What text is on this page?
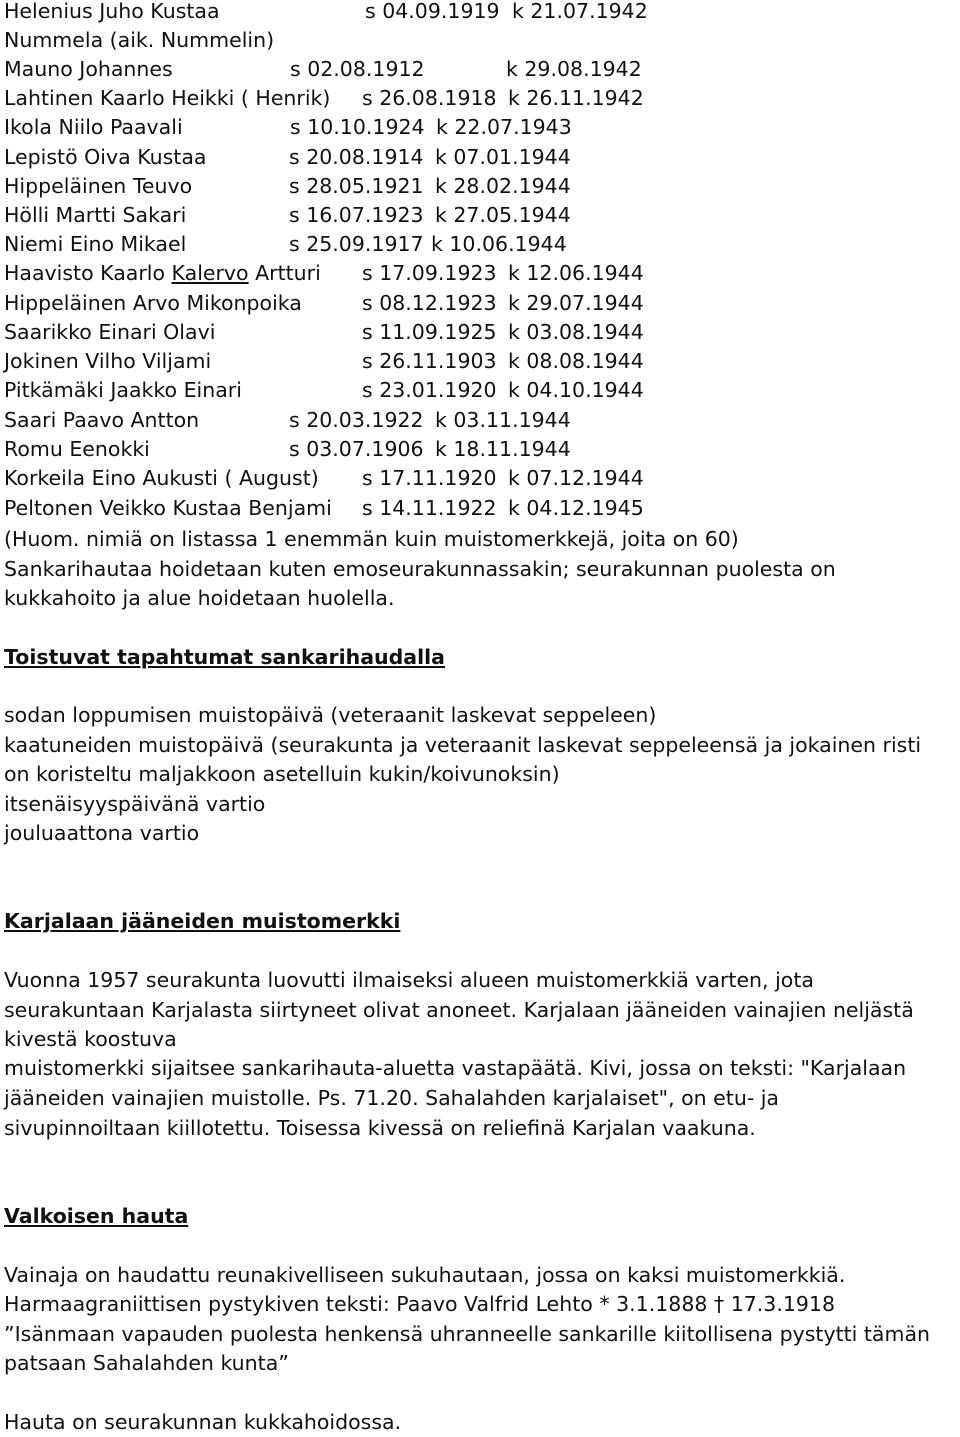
Helenius Juho Kustaa	s 04.09.1919 k 21.07.1942
Nummela (aik. Nummelin)
Mauno Johannes	s 02.08.1912	k 29.08.1942
Lahtinen Kaarlo Heikki ( Henrik) s 26.08.1918 k 26.11.1942
Ikola Niilo Paavali	s 10.10.1924 k 22.07.1943
Lepistö Oiva Kustaa	s 20.08.1914 k 07.01.1944
Hippeläinen Teuvo	s 28.05.1921 k 28.02.1944
Hölli Martti Sakari	s 16.07.1923 k 27.05.1944
Niemi Eino Mikael	s 25.09.1917 k 10.06.1944
Haavisto Kaarlo Kalervo Artturi s 17.09.1923 k 12.06.1944
Hippeläinen Arvo Mikonpoika	s 08.12.1923 k 29.07.1944
Saarikko Einari Olavi	s 11.09.1925 k 03.08.1944
Jokinen Vilho Viljami	s 26.11.1903 k 08.08.1944
Pitkämäki Jaakko Einari	s 23.01.1920 k 04.10.1944
Saari Paavo Antton	s 20.03.1922 k 03.11.1944
Romu Eenokki	s 03.07.1906 k 18.11.1944
Korkeila Eino Aukusti ( August) s 17.11.1920 k 07.12.1944
Peltonen Veikko Kustaa Benjami s 14.11.1922 k 04.12.1945
(Huom. nimiä on listassa 1 enemmän kuin muistomerkkejä, joita on 60)
Sankarihautaa hoidetaan kuten emoseurakunnassakin; seurakunnan puolesta on
kukkahoito ja alue hoidetaan huolella.
Toistuvat tapahtumat sankarihaudalla
sodan loppumisen muistopäivä (veteraanit laskevat seppeleen)
kaatuneiden muistopäivä (seurakunta ja veteraanit laskevat seppeleensä ja jokainen risti
on koristeltu maljakkoon asetelluin kukin/koivunoksin)
itsenäisyyspäivänä vartio
jouluaattona vartio
Karjalaan jääneiden muistomerkki
Vuonna 1957 seurakunta luovutti ilmaiseksi alueen muistomerkkiä varten, jota
seurakuntaan Karjalasta siirtyneet olivat anoneet. Karjalaan jääneiden vainajien neljästä
kivestä koostuva
muistomerkki sijaitsee sankarihauta-aluetta vastapäätä. Kivi, jossa on teksti: "Karjalaan
jääneiden vainajien muistolle. Ps. 71.20. Sahalahden karjalaiset", on etu- ja
sivupinnoiltaan kiillotettu. Toisessa kivessä on reliefinä Karjalan vaakuna.
Valkoisen hauta
Vainaja on haudattu reunakivelliseen sukuhautaan, jossa on kaksi muistomerkkiä.
Harmaagraniittisen pystykiven teksti: Paavo Valfrid Lehto * 3.1.1888 † 17.3.1918
”Isänmaan vapauden puolesta henkensä uhranneelle sankarille kiitollisena pystytti tämän
patsaan Sahalahden kunta”
Hauta on seurakunnan kukkahoidossa.
